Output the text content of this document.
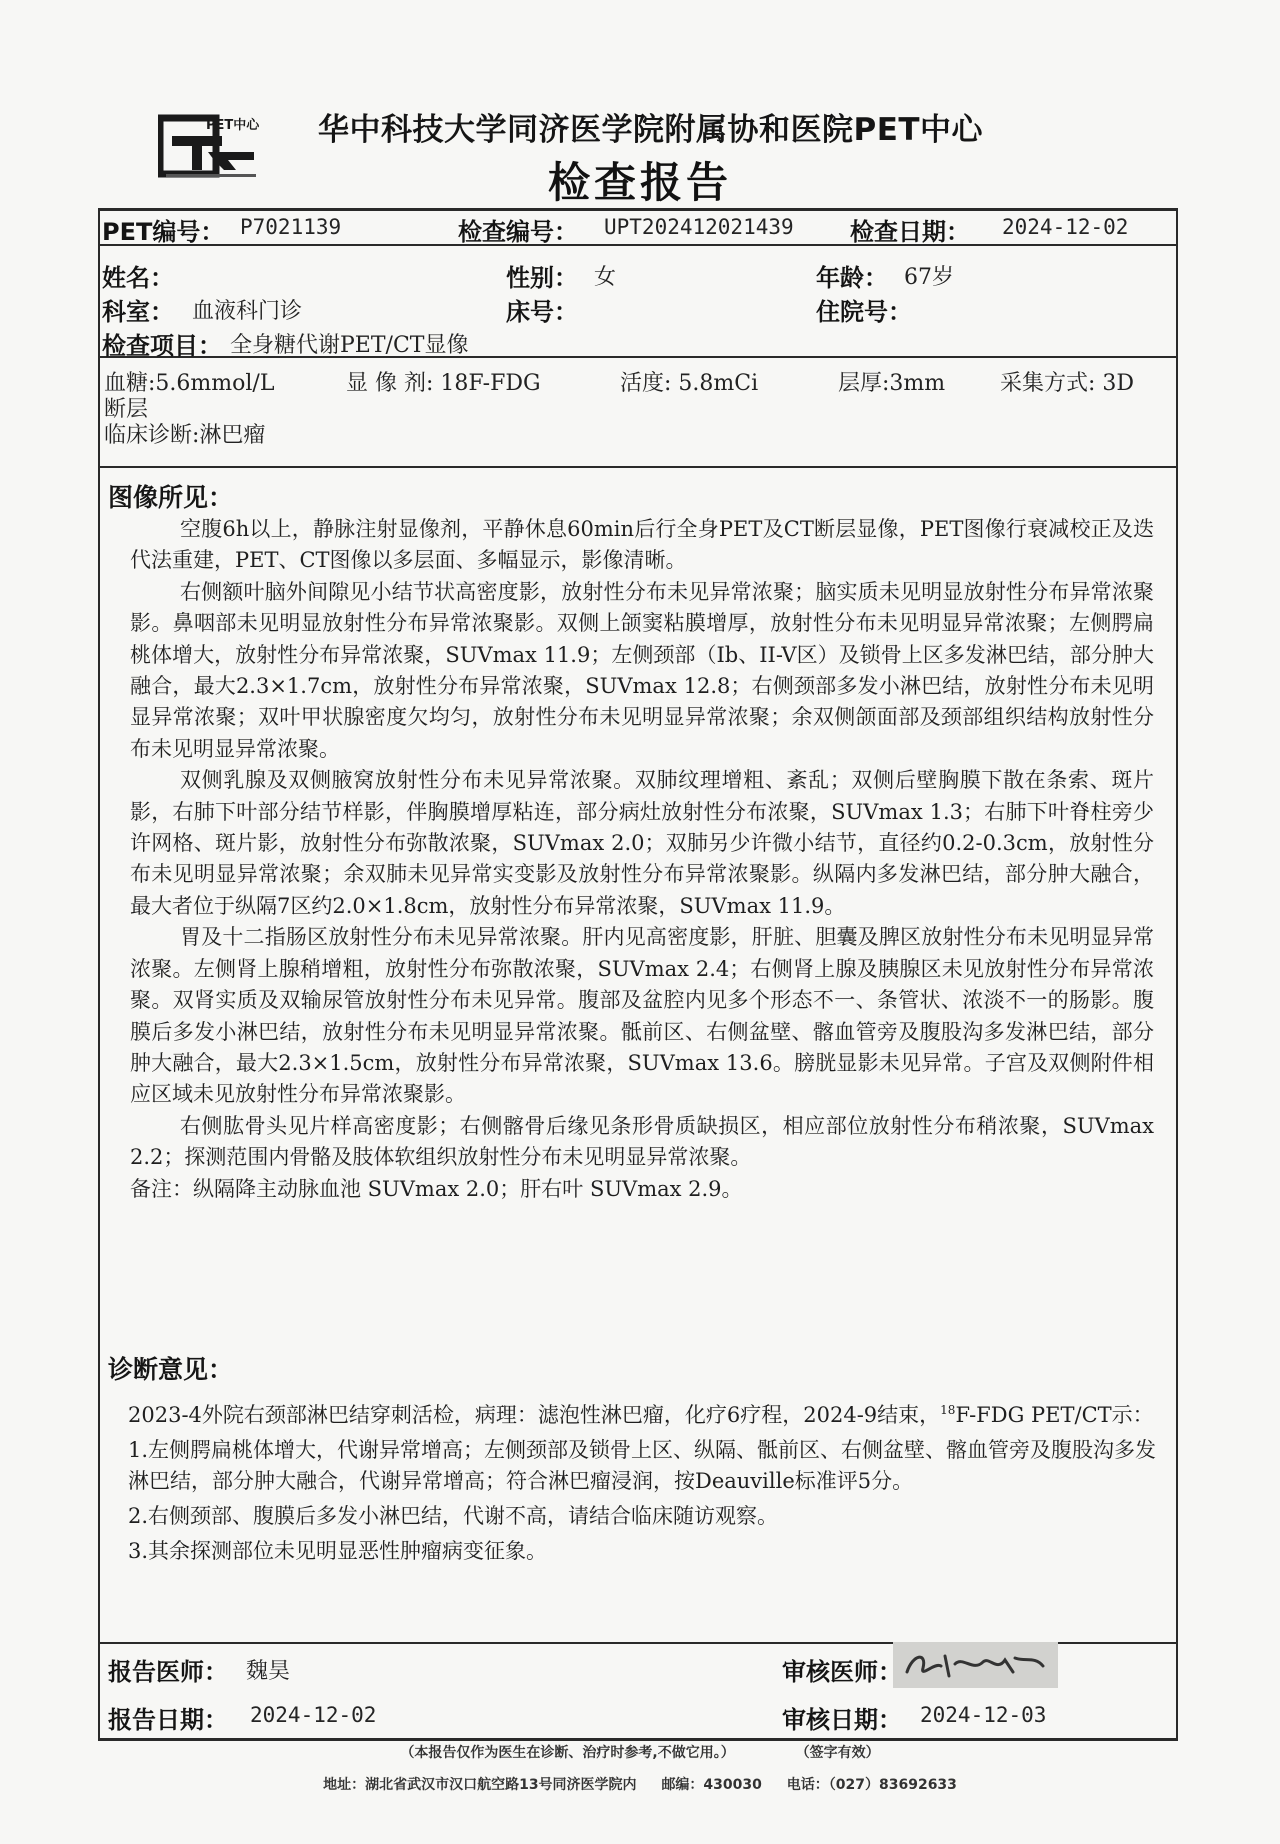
PET中心 华中科技大学同济医学院附属协和医院PET中心
检查报告
PET编号： P7021139	检查编号： UPT202412021439 检查日期： 2024-12-02
姓名：	性别： 女	年龄： 67岁
科室： 血液科门诊	床号：	住院号：
检查项目： 全身糖代谢PET/CT显像
血糖:5.6mmol/L	显 像 剂: 18F-FDG	活度: 5.8mCi	层厚:3mm 采集方式: 3D
断层
临床诊断:淋巴瘤
图像所见：

空腹6h以上，静脉注射显像剂，平静休息60min后行全身PET及CT断层显像，PET图像行衰减校正及迭代法重建，PET、CT图像以多层面、多幅显示，影像清晰。

右侧额叶脑外间隙见小结节状高密度影，放射性分布未见异常浓聚；脑实质未见明显放射性分布异常浓聚影。鼻咽部未见明显放射性分布异常浓聚影。双侧上颌窦粘膜增厚，放射性分布未见明显异常浓聚；左侧腭扁桃体增大，放射性分布异常浓聚，SUVmax 11.9；左侧颈部（Ib、II-V区）及锁骨上区多发淋巴结，部分肿大融合，最大2.3×1.7cm，放射性分布异常浓聚，SUVmax 12.8；右侧颈部多发小淋巴结，放射性分布未见明显异常浓聚；双叶甲状腺密度欠均匀，放射性分布未见明显异常浓聚；余双侧颌面部及颈部组织结构放射性分布未见明显异常浓聚。

双侧乳腺及双侧腋窝放射性分布未见异常浓聚。双肺纹理增粗、紊乱；双侧后壁胸膜下散在条索、斑片影，右肺下叶部分结节样影，伴胸膜增厚粘连，部分病灶放射性分布浓聚，SUVmax 1.3；右肺下叶脊柱旁少许网格、斑片影，放射性分布弥散浓聚，SUVmax 2.0；双肺另少许微小结节，直径约0.2-0.3cm，放射性分布未见明显异常浓聚；余双肺未见异常实变影及放射性分布异常浓聚影。纵隔内多发淋巴结，部分肿大融合，最大者位于纵隔7区约2.0×1.8cm，放射性分布异常浓聚，SUVmax 11.9。

胃及十二指肠区放射性分布未见异常浓聚。肝内见高密度影，肝脏、胆囊及脾区放射性分布未见明显异常浓聚。左侧肾上腺稍增粗，放射性分布弥散浓聚，SUVmax 2.4；右侧肾上腺及胰腺区未见放射性分布异常浓聚。双肾实质及双输尿管放射性分布未见异常。腹部及盆腔内见多个形态不一、条管状、浓淡不一的肠影。腹膜后多发小淋巴结，放射性分布未见明显异常浓聚。骶前区、右侧盆壁、髂血管旁及腹股沟多发淋巴结，部分肿大融合，最大2.3×1.5cm，放射性分布异常浓聚，SUVmax 13.6。膀胱显影未见异常。子宫及双侧附件相应区域未见放射性分布异常浓聚影。

右侧肱骨头见片样高密度影；右侧髂骨后缘见条形骨质缺损区，相应部位放射性分布稍浓聚，SUVmax 2.2；探测范围内骨骼及肢体软组织放射性分布未见明显异常浓聚。

备注：纵隔降主动脉血池 SUVmax 2.0；肝右叶 SUVmax 2.9。

诊断意见：

2023-4外院右颈部淋巴结穿刺活检，病理：滤泡性淋巴瘤，化疗6疗程，2024-9结束，$^{18}$F-FDG PET/CT示：

1.左侧腭扁桃体增大，代谢异常增高；左侧颈部及锁骨上区、纵隔、骶前区、右侧盆壁、髂血管旁及腹股沟多发淋巴结，部分肿大融合，代谢异常增高；符合淋巴瘤浸润，按Deauville标准评5分。

2.右侧颈部、腹膜后多发小淋巴结，代谢不高，请结合临床随访观察。

3.其余探测部位未见明显恶性肿瘤病变征象。

报告医师： 魏昊	审核医师：
报告日期： 2024-12-02	审核日期： 2024-12-03
（本报告仅作为医生在诊断、治疗时参考,不做它用。）	（签字有效）
地址：湖北省武汉市汉口航空路13号同济医学院内 邮编：430030 电话：（027）83692633
